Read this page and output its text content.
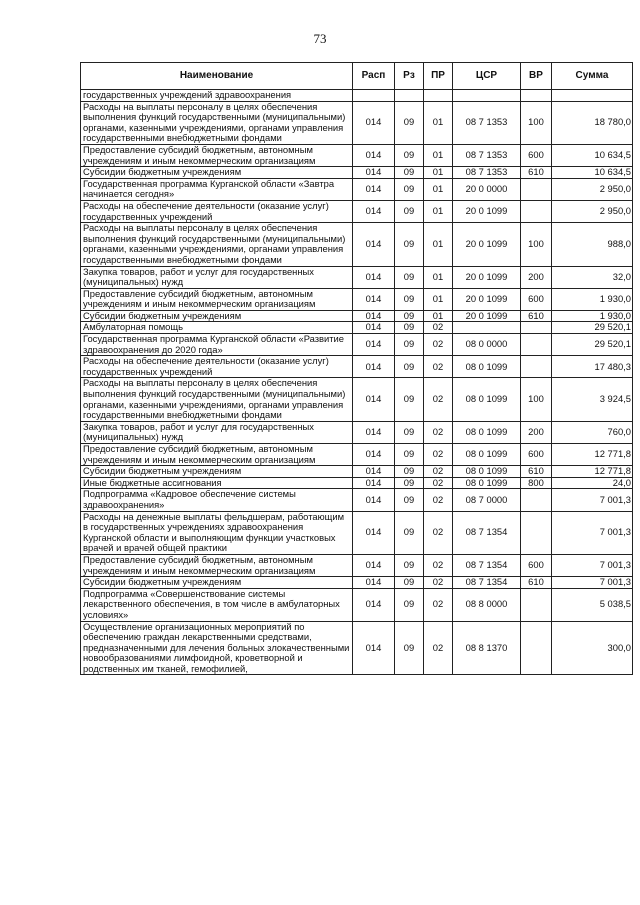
73
Наименование	Расп	Рз	ПР	ЦСР	ВР	Сумма
государственных учреждений здравоохранения						
Расходы на выплаты персоналу в целях обеспечения выполнения функций государственными (муниципальными) органами, казенными учреждениями, органами управления государственными внебюджетными фондами	014	09	01	08 7 1353	100	18 780,0
Предоставление субсидий бюджетным, автономным учреждениям и иным некоммерческим организациям	014	09	01	08 7 1353	600	10 634,5
Субсидии бюджетным учреждениям	014	09	01	08 7 1353	610	10 634,5
Государственная программа Курганской области «Завтра начинается сегодня»	014	09	01	20 0 0000		2 950,0
Расходы на обеспечение деятельности (оказание услуг) государственных учреждений	014	09	01	20 0 1099		2 950,0
Расходы на выплаты персоналу в целях обеспечения выполнения функций государственными (муниципальными) органами, казенными учреждениями, органами управления государственными внебюджетными фондами	014	09	01	20 0 1099	100	988,0
Закупка товаров, работ и услуг для государственных (муниципальных) нужд	014	09	01	20 0 1099	200	32,0
Предоставление субсидий бюджетным, автономным учреждениям и иным некоммерческим организациям	014	09	01	20 0 1099	600	1 930,0
Субсидии бюджетным учреждениям	014	09	01	20 0 1099	610	1 930,0
Амбулаторная помощь	014	09	02			29 520,1
Государственная программа Курганской области «Развитие здравоохранения до 2020 года»	014	09	02	08 0 0000		29 520,1
Расходы на обеспечение деятельности (оказание услуг) государственных учреждений	014	09	02	08 0 1099		17 480,3
Расходы на выплаты персоналу в целях обеспечения выполнения функций государственными (муниципальными) органами, казенными учреждениями, органами управления государственными внебюджетными фондами	014	09	02	08 0 1099	100	3 924,5
Закупка товаров, работ и услуг для государственных (муниципальных) нужд	014	09	02	08 0 1099	200	760,0
Предоставление субсидий бюджетным, автономным учреждениям и иным некоммерческим организациям	014	09	02	08 0 1099	600	12 771,8
Субсидии бюджетным учреждениям	014	09	02	08 0 1099	610	12 771,8
Иные бюджетные ассигнования	014	09	02	08 0 1099	800	24,0
Подпрограмма «Кадровое обеспечение системы здравоохранения»	014	09	02	08 7 0000		7 001,3
Расходы на денежные выплаты фельдшерам, работающим в государственных учреждениях здравоохранения Курганской области и выполняющим функции участковых врачей и врачей общей практики	014	09	02	08 7 1354		7 001,3
Предоставление субсидий бюджетным, автономным учреждениям и иным некоммерческим организациям	014	09	02	08 7 1354	600	7 001,3
Субсидии бюджетным учреждениям	014	09	02	08 7 1354	610	7 001,3
Подпрограмма «Совершенствование системы лекарственного обеспечения, в том числе в амбулаторных условиях»	014	09	02	08 8 0000		5 038,5
Осуществление организационных мероприятий по обеспечению граждан лекарственными средствами, предназначенными для лечения больных злокачественными новообразованиями лимфоидной, кроветворной и родственных им тканей, гемофилией,	014	09	02	08 8 1370		300,0
